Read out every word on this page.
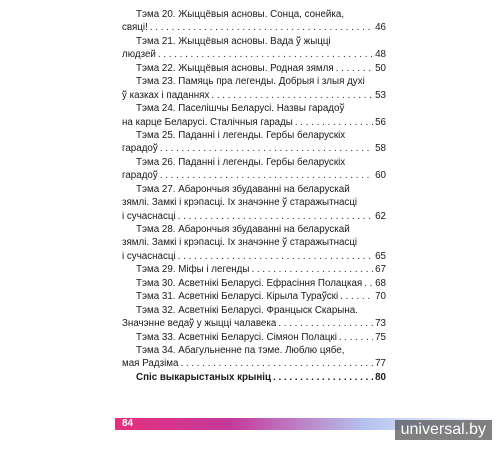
Тэма 20. Жыццёвыя асновы. Сонца, сонейка,
свяці! . . .	46
Тэма 21. Жыццёвыя асновы. Вада ў жыцці
людзей . . .	48
Тэма 22. Жыццёвыя асновы. Родная зямля . . .	50
Тэма 23. Памяць пра легенды. Добрыя і злыя духі
ў казках і паданнях . . .	53
Тэма 24. Паселішчы Беларусі. Назвы гарадоў
на карце Беларусі. Сталічныя гарады . . .	56
Тэма 25. Паданні і легенды. Гербы беларускіх
гарадоў . . .	58
Тэма 26. Паданні і легенды. Гербы беларускіх
гарадоў . . .	60
Тэма 27. Абарончыя збудаванні на беларускай
зямлі. Замкі і крэпасці. Іх значэнне ў старажытнасці
і сучаснасці . . .	62
Тэма 28. Абарончыя збудаванні на беларускай
зямлі. Замкі і крэпасці. Іх значэнне ў старажытнасці
і сучаснасці . . .	65
Тэма 29. Міфы і легенды . . .	67
Тэма 30. Асветнікі Беларусі. Ефрасіння Полацкая . . . 68
Тэма 31. Асветнікі Беларусі. Кірыла Тураўскі . . .	70
Тэма 32. Асветнікі Беларусі. Францыск Скарына.
Значэнне ведаў у жыцці чалавека . . .	73
Тэма 33. Асветнікі Беларусі. Сімяон Полацкі . . .	75
Тэма 34. Абагульненне па тэме. Люблю цябе,
мая Радзіма . . .	77
Спіс выкарыстаных крыніц . . .	80
84	universal.by
